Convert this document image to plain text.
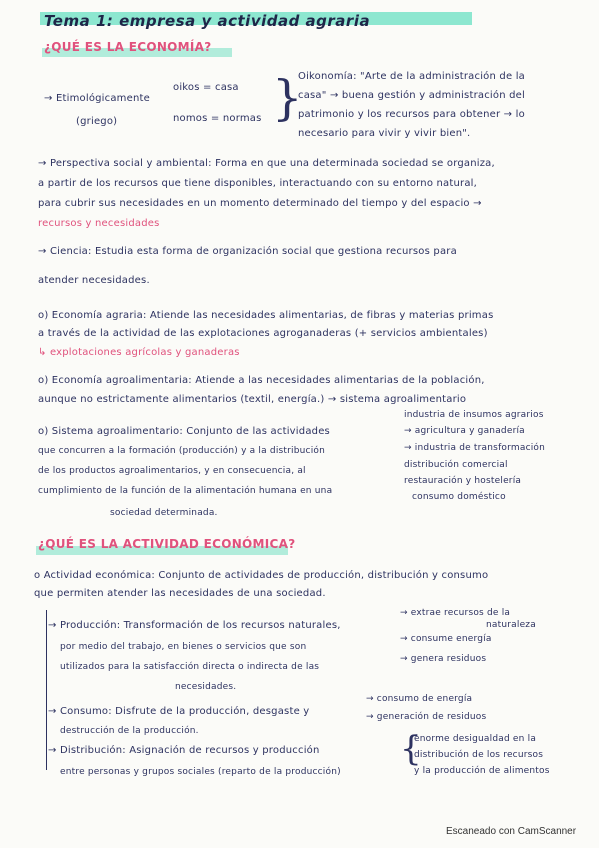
Tema 1: empresa y actividad agraria
¿QUÉ ES LA ECONOMÍA?
→ Etimológicamente
(griego)
oikos = casa
nomos = normas }
Oikonomía: "Arte de la administración de la
casa" → buena gestión y administración del
patrimonio y los recursos para obtener → lo
necesario para vivir y vivir bien".
→ Perspectiva social y ambiental: Forma en que una determinada sociedad se organiza,
a partir de los recursos que tiene disponibles, interactuando con su entorno natural,
para cubrir sus necesidades en un momento determinado del tiempo y del espacio →
recursos y necesidades
→ Ciencia: Estudia esta forma de organización social que gestiona recursos para
atender necesidades.
o) Economía agraria: Atiende las necesidades alimentarias, de fibras y materias primas
a través de la actividad de las explotaciones agroganaderas (+ servicios ambientales)
↳ explotaciones agrícolas y ganaderas
o) Economía agroalimentaria: Atiende a las necesidades alimentarias de la población,
aunque no estrictamente alimentarios (textil, energía.) → sistema agroalimentario
o) Sistema agroalimentario: Conjunto de las actividades
que concurren a la formación (producción) y a la distribución
de los productos agroalimentarios, y en consecuencia, al
cumplimiento de la función de la alimentación humana en una
sociedad determinada.
industria de insumos agrarios
→ agricultura y ganadería
→ industria de transformación
distribución comercial
restauración y hostelería
consumo doméstico
¿QUÉ ES LA ACTIVIDAD ECONÓMICA?
o Actividad económica: Conjunto de actividades de producción, distribución y consumo
que permiten atender las necesidades de una sociedad.
→ Producción: Transformación de los recursos naturales,
por medio del trabajo, en bienes o servicios que son
utilizados para la satisfacción directa o indirecta de las
necesidades.
→ extrae recursos de la
naturaleza
→ consume energía
→ genera residuos
→ Consumo: Disfrute de la producción, desgaste y
destrucción de la producción.
→ consumo de energía
→ generación de residuos
→ Distribución: Asignación de recursos y producción
entre personas y grupos sociales (reparto de la producción)
{
enorme desigualdad en la
distribución de los recursos
y la producción de alimentos
Escaneado con CamScanner
